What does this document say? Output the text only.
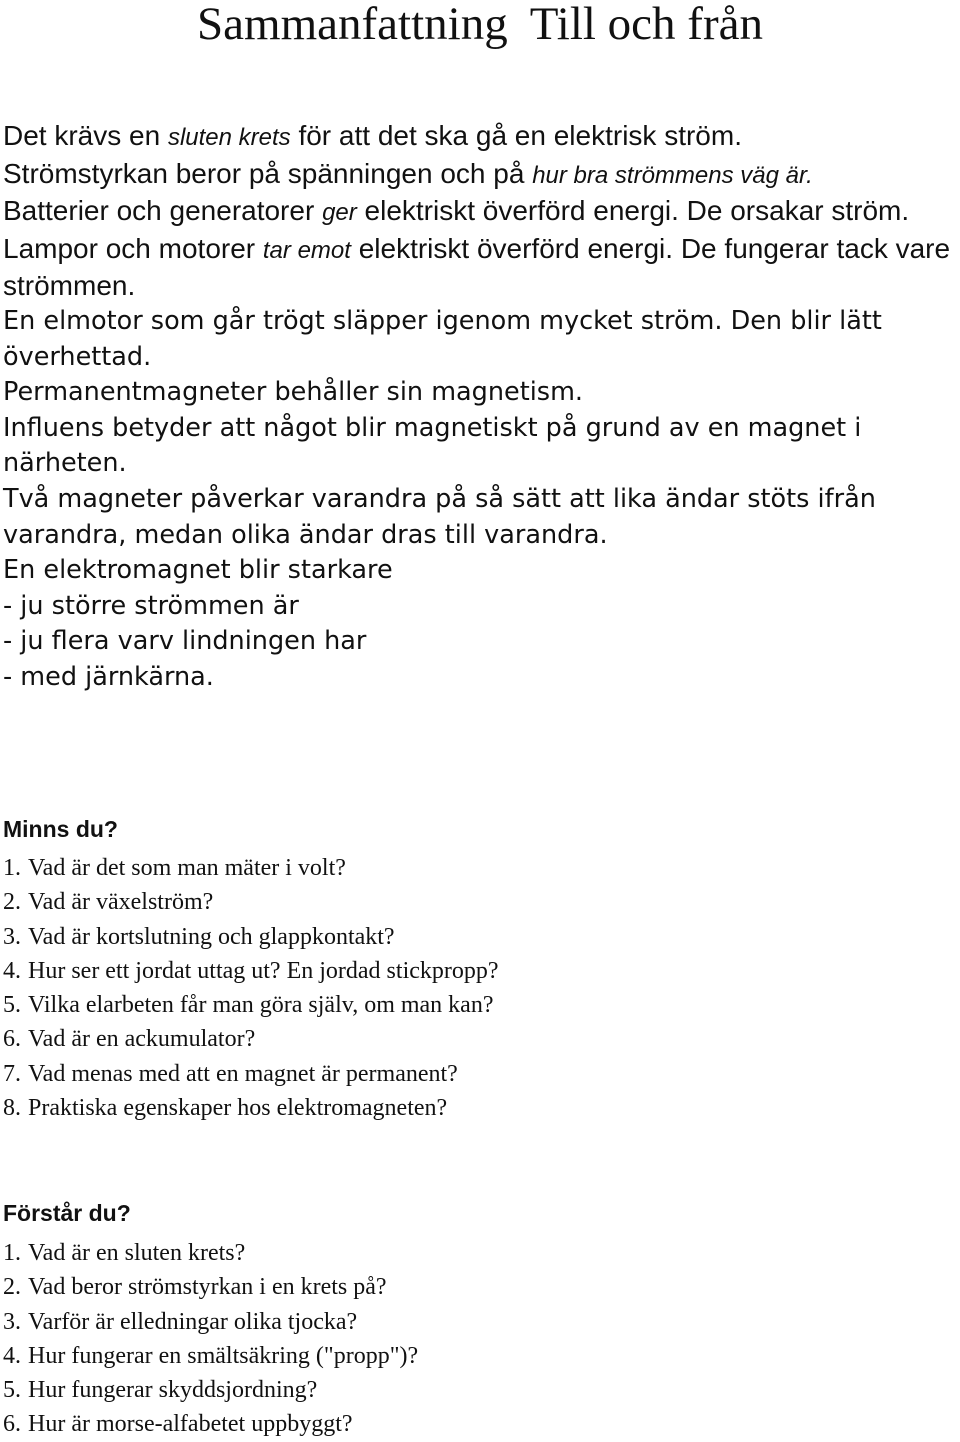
Sammanfattning Till och från

Det krävs en sluten krets för att det ska gå en elektrisk ström.

Strömstyrkan beror på spänningen och på hur bra strömmens väg är.

Batterier och generatorer ger elektriskt överförd energi. De orsakar ström.

Lampor och motorer tar emot elektriskt överförd energi. De fungerar tack vare strömmen.

En elmotor som går trögt släpper igenom mycket ström. Den blir lätt överhettad.

Permanentmagneter behåller sin magnetism.

Influens betyder att något blir magnetiskt på grund av en magnet i närheten.

Två magneter påverkar varandra på så sätt att lika ändar stöts ifrån varandra, medan olika ändar dras till varandra.

En elektromagnet blir starkare

- ju större strömmen är

- ju flera varv lindningen har

- med järnkärna.

Minns du?
1. Vad är det som man mäter i volt?
2. Vad är växelström?
3. Vad är kortslutning och glappkontakt?
4. Hur ser ett jordat uttag ut? En jordad stickpropp?
5. Vilka elarbeten får man göra själv, om man kan?
6. Vad är en ackumulator?
7. Vad menas med att en magnet är permanent?
8. Praktiska egenskaper hos elektromagneten?
Förstår du?
1. Vad är en sluten krets?
2. Vad beror strömstyrkan i en krets på?
3. Varför är elledningar olika tjocka?
4. Hur fungerar en smältsäkring ("propp")?
5. Hur fungerar skyddsjordning?
6. Hur är morse-alfabetet uppbyggt?
